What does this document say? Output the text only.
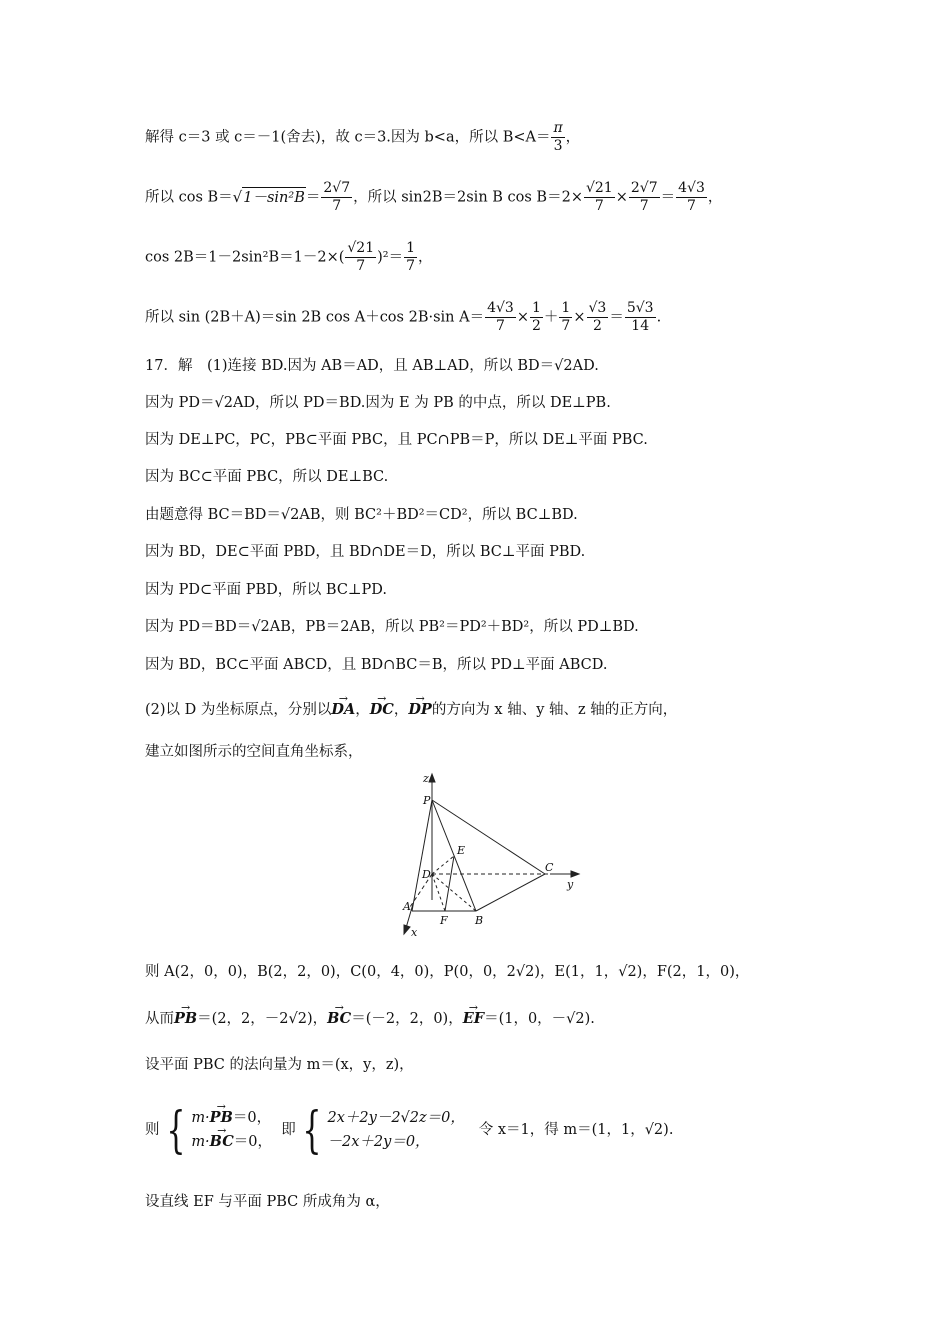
解得 c＝3 或 c＝－1(舍去)，故 c＝3.因为 b<a，所以 $B<A= \frac{\pi}{3}$ ，
所以 cos B＝ √ $1-\sin^2B = \frac{2√7}{7}$ ，所以 sin2B＝2sin B $\cos B=2\times \frac{√21}{7} \times \frac{2√7}{7} = \frac{4√3}{7}$ ，
$\cos 2B=1-2\sin^2B=1-2\times( \frac{√21}{7} )^2= \frac{1}{7}$ ，
所以 sin (2B＋A)＝sin 2B cos A＋cos 2B·sin $A= \frac{4√3}{7} \times \frac{1}{2} + \frac{1}{7} \times \frac{√3}{2} = \frac{5√3}{14}$ .
17．解　(1)连接 BD.因为 AB＝AD，且 AB⊥AD，所以 BD＝√2AD.
因为 PD＝√2AD，所以 PD＝BD.因为 E 为 PB 的中点，所以 DE⊥PB.
因为 DE⊥PC，PC，PB⊂平面 PBC，且 PC∩PB＝P，所以 DE⊥平面 PBC.
因为 BC⊂平面 PBC，所以 DE⊥BC.
由题意得 BC＝BD＝√2AB，则 BC²＋BD²＝CD²，所以 BC⊥BD.
因为 BD，DE⊂平面 PBD，且 BD∩DE＝D，所以 BC⊥平面 PBD.
因为 PD⊂平面 PBD，所以 BC⊥PD.
因为 PD＝BD＝√2AB，PB＝2AB，所以 PB²＝PD²＋BD²，所以 PD⊥BD.
因为 BD，BC⊂平面 ABCD，且 BD∩BC＝B，所以 PD⊥平面 ABCD.
(2)以 D 为坐标原点，分别以→ DA，→ DC，→ DP的方向为 x 轴、y 轴、z 轴的正方向，
建立如图所示的空间直角坐标系，
z
y
x
P
E
D
C
A
F B
则 A(2，0，0)，B(2，2，0)，C(0，4，0)，P(0，0，2√2)，E(1，1，√2)，F(2，1，0)，
从而→ PB＝(2，2，－2√2)，→ BC＝(－2，2，0)，→ EF＝(1，0，－√2).
设平面 PBC 的法向量为 m＝(x，y，z)，
则 { m·→ PB＝0，
m·→ BC＝0，
即 { 2x＋2y－2√2z＝0，
－2x＋2y＝0，
令 x＝1，得 m＝(1，1，√2).
设直线 EF 与平面 PBC 所成角为 α，
